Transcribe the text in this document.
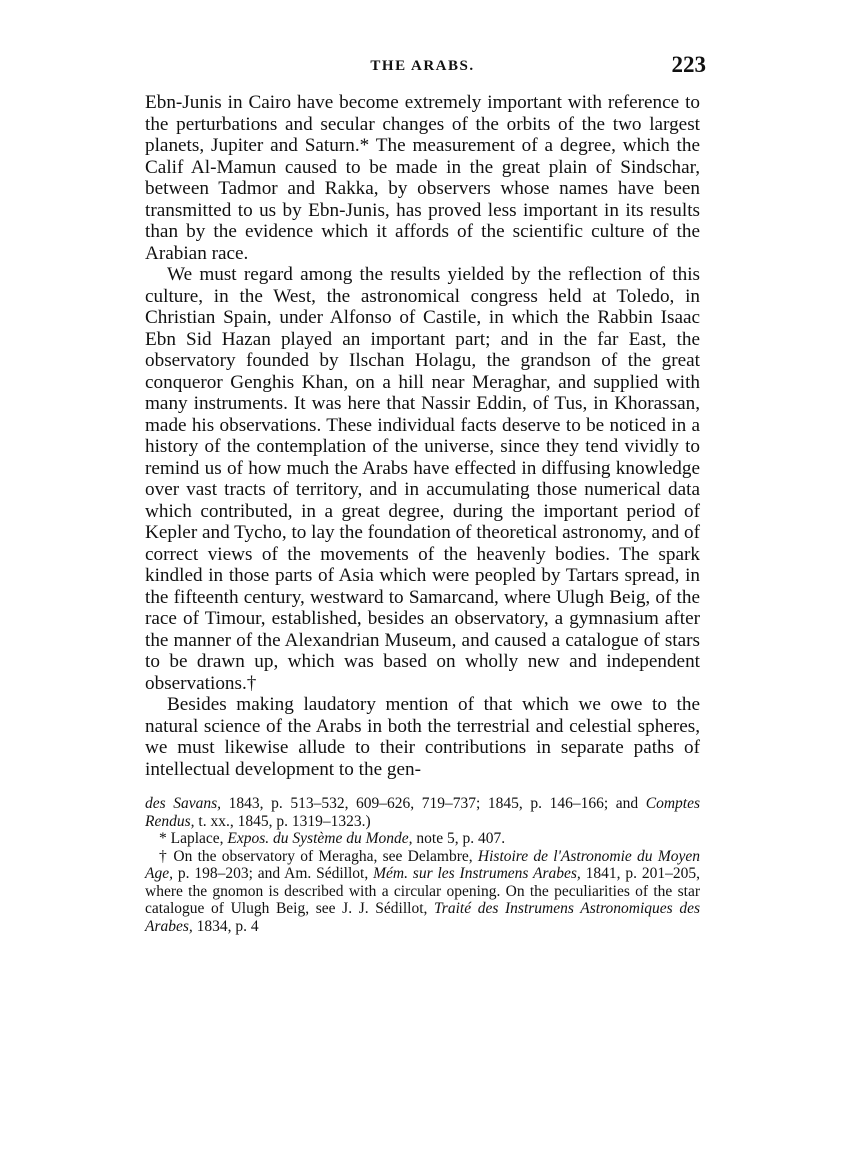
THE ARABS.	223

Ebn-Junis in Cairo have become extremely important with reference to the perturbations and secular changes of the orbits of the two largest planets, Jupiter and Saturn.* The measurement of a degree, which the Calif Al-Mamun caused to be made in the great plain of Sindschar, between Tadmor and Rakka, by observers whose names have been transmitted to us by Ebn-Junis, has proved less important in its results than by the evidence which it affords of the scientific culture of the Arabian race.

We must regard among the results yielded by the reflection of this culture, in the West, the astronomical congress held at Toledo, in Christian Spain, under Alfonso of Castile, in which the Rabbin Isaac Ebn Sid Hazan played an important part; and in the far East, the observatory founded by Ilschan Holagu, the grandson of the great conqueror Genghis Khan, on a hill near Meraghar, and supplied with many instruments. It was here that Nassir Eddin, of Tus, in Khorassan, made his observations. These individual facts deserve to be noticed in a history of the contemplation of the universe, since they tend vividly to remind us of how much the Arabs have effected in diffusing knowledge over vast tracts of territory, and in accumulating those numerical data which contributed, in a great degree, during the important period of Kepler and Tycho, to lay the foundation of theoretical astronomy, and of correct views of the movements of the heavenly bodies. The spark kindled in those parts of Asia which were peopled by Tartars spread, in the fifteenth century, westward to Samarcand, where Ulugh Beig, of the race of Timour, established, besides an observatory, a gymnasium after the manner of the Alexandrian Museum, and caused a catalogue of stars to be drawn up, which was based on wholly new and independent observations.†

Besides making laudatory mention of that which we owe to the natural science of the Arabs in both the terrestrial and celestial spheres, we must likewise allude to their contributions in separate paths of intellectual development to the gen-

des Savans, 1843, p. 513–532, 609–626, 719–737; 1845, p. 146–166; and Comptes Rendus, t. xx., 1845, p. 1319–1323.)

* Laplace, Expos. du Système du Monde, note 5, p. 407.

† On the observatory of Meragha, see Delambre, Histoire de l'Astronomie du Moyen Age, p. 198–203; and Am. Sédillot, Mém. sur les Instrumens Arabes, 1841, p. 201–205, where the gnomon is described with a circular opening. On the peculiarities of the star catalogue of Ulugh Beig, see J. J. Sédillot, Traité des Instrumens Astronomiques des Arabes, 1834, p. 4
